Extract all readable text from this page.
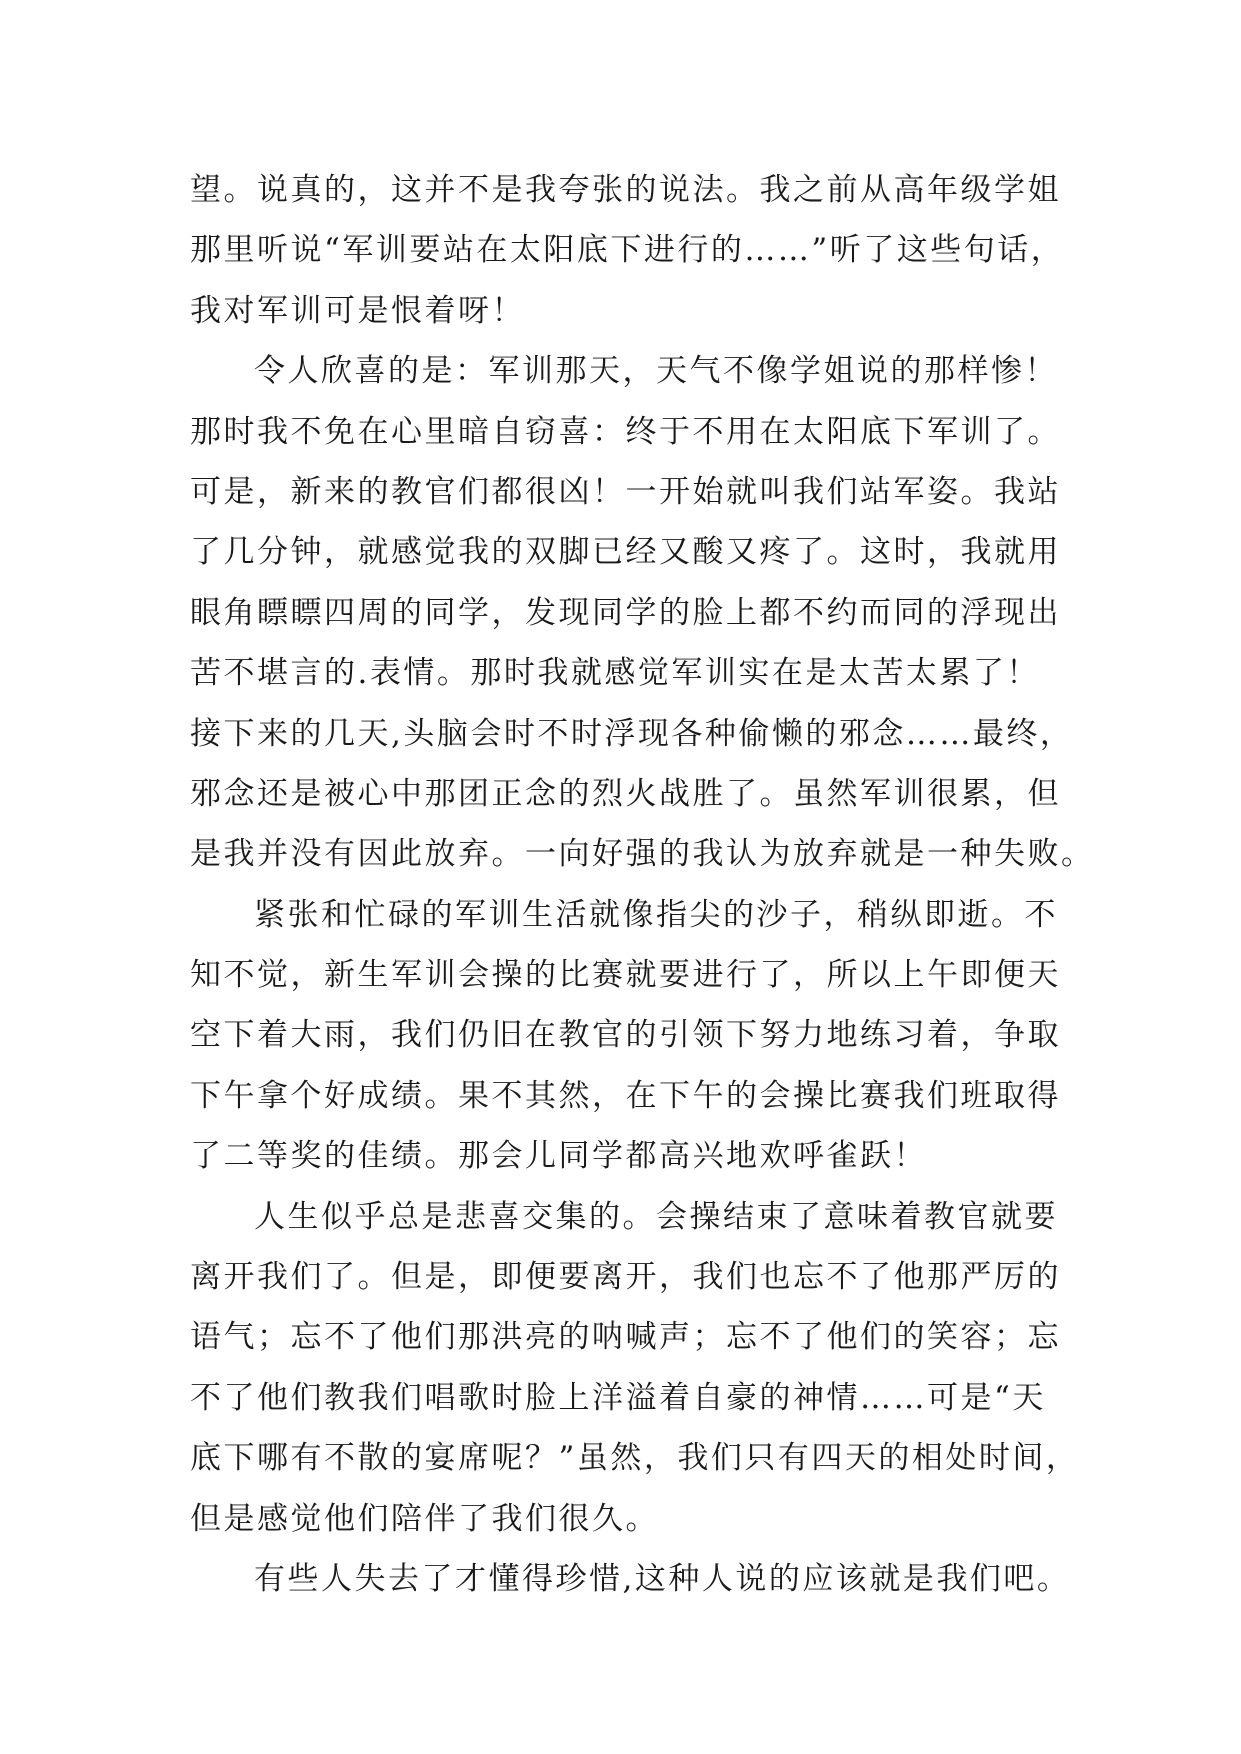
望。说真的，这并不是我夸张的说法。我之前从高年级学姐
那里听说“军训要站在太阳底下进行的……”听了这些句话，
我对军训可是恨着呀！
令人欣喜的是：军训那天，天气不像学姐说的那样惨！
那时我不免在心里暗自窃喜：终于不用在太阳底下军训了。
可是，新来的教官们都很凶！一开始就叫我们站军姿。我站
了几分钟，就感觉我的双脚已经又酸又疼了。这时，我就用
眼角瞟瞟四周的同学，发现同学的脸上都不约而同的浮现出
苦不堪言的.表情。那时我就感觉军训实在是太苦太累了！
接下来的几天,头脑会时不时浮现各种偷懒的邪念……最终，
邪念还是被心中那团正念的烈火战胜了。虽然军训很累，但
是我并没有因此放弃。一向好强的我认为放弃就是一种失败。
紧张和忙碌的军训生活就像指尖的沙子，稍纵即逝。不
知不觉，新生军训会操的比赛就要进行了，所以上午即便天
空下着大雨，我们仍旧在教官的引领下努力地练习着，争取
下午拿个好成绩。果不其然，在下午的会操比赛我们班取得
了二等奖的佳绩。那会儿同学都高兴地欢呼雀跃！
人生似乎总是悲喜交集的。会操结束了意味着教官就要
离开我们了。但是，即便要离开，我们也忘不了他那严厉的
语气；忘不了他们那洪亮的呐喊声；忘不了他们的笑容；忘
不了他们教我们唱歌时脸上洋溢着自豪的神情……可是“天
底下哪有不散的宴席呢？”虽然，我们只有四天的相处时间，
但是感觉他们陪伴了我们很久。
有些人失去了才懂得珍惜,这种人说的应该就是我们吧。
